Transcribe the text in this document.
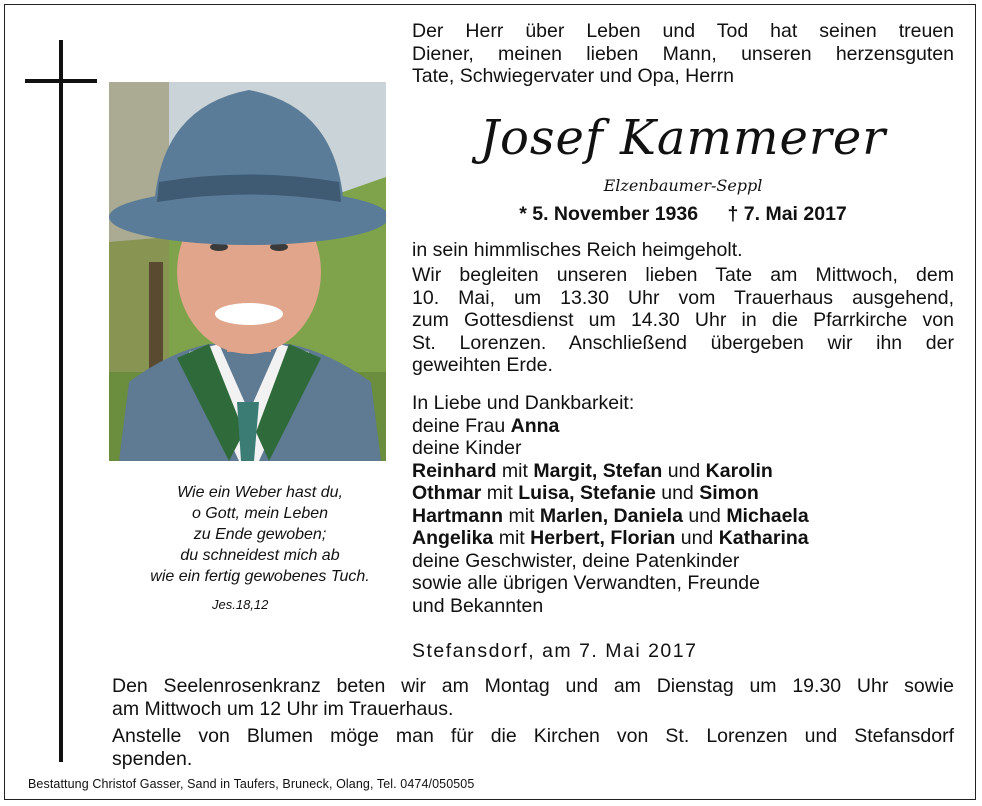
Wie ein Weber hast du,
o Gott, mein Leben
zu Ende gewoben;
du schneidest mich ab
wie ein fertig gewobenes Tuch.
Jes.18,12
Der Herr über Leben und Tod hat seinen treuen
Diener, meinen lieben Mann, unseren herzensguten
Tate, Schwiegervater und Opa, Herrn
Josef Kammerer
Elzenbaumer-Seppl
* 5. November 1936 † 7. Mai 2017
in sein himmlisches Reich heimgeholt.
Wir begleiten unseren lieben Tate am Mittwoch, dem
10. Mai, um 13.30 Uhr vom Trauerhaus ausgehend,
zum Gottesdienst um 14.30 Uhr in die Pfarrkirche von
St. Lorenzen. Anschließend übergeben wir ihn der
geweihten Erde.
In Liebe und Dankbarkeit:
deine Frau Anna
deine Kinder
Reinhard mit Margit, Stefan und Karolin
Othmar mit Luisa, Stefanie und Simon
Hartmann mit Marlen, Daniela und Michaela
Angelika mit Herbert, Florian und Katharina
deine Geschwister, deine Patenkinder
sowie alle übrigen Verwandten, Freunde
und Bekannten
Stefansdorf, am 7. Mai 2017
Den Seelenrosenkranz beten wir am Montag und am Dienstag um 19.30 Uhr sowie
am Mittwoch um 12 Uhr im Trauerhaus.
Anstelle von Blumen möge man für die Kirchen von St. Lorenzen und Stefansdorf
spenden.
Bestattung Christof Gasser, Sand in Taufers, Bruneck, Olang, Tel. 0474/050505
